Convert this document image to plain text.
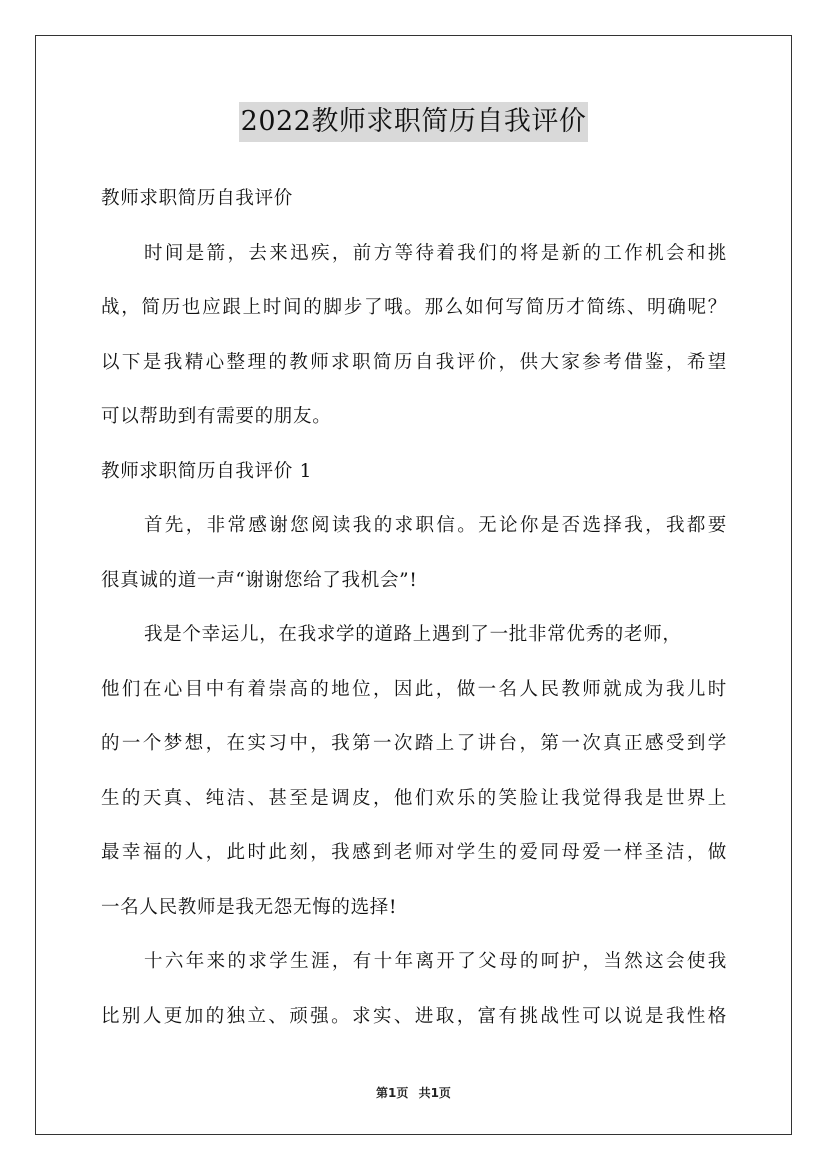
2022教师求职简历自我评价
教师求职简历自我评价
时间是箭，去来迅疾，前方等待着我们的将是新的工作机会和挑
战，简历也应跟上时间的脚步了哦。那么如何写简历才简练、明确呢？
以下是我精心整理的教师求职简历自我评价，供大家参考借鉴，希望
可以帮助到有需要的朋友。
教师求职简历自我评价 1
首先，非常感谢您阅读我的求职信。无论你是否选择我，我都要
很真诚的道一声“谢谢您给了我机会”!
我是个幸运儿，在我求学的道路上遇到了一批非常优秀的老师，
他们在心目中有着崇高的地位，因此，做一名人民教师就成为我儿时
的一个梦想，在实习中，我第一次踏上了讲台，第一次真正感受到学
生的天真、纯洁、甚至是调皮，他们欢乐的笑脸让我觉得我是世界上
最幸福的人，此时此刻，我感到老师对学生的爱同母爱一样圣洁，做
一名人民教师是我无怨无悔的选择!
十六年来的求学生涯，有十年离开了父母的呵护，当然这会使我
比别人更加的独立、顽强。求实、进取，富有挑战性可以说是我性格
第1页 共1页
